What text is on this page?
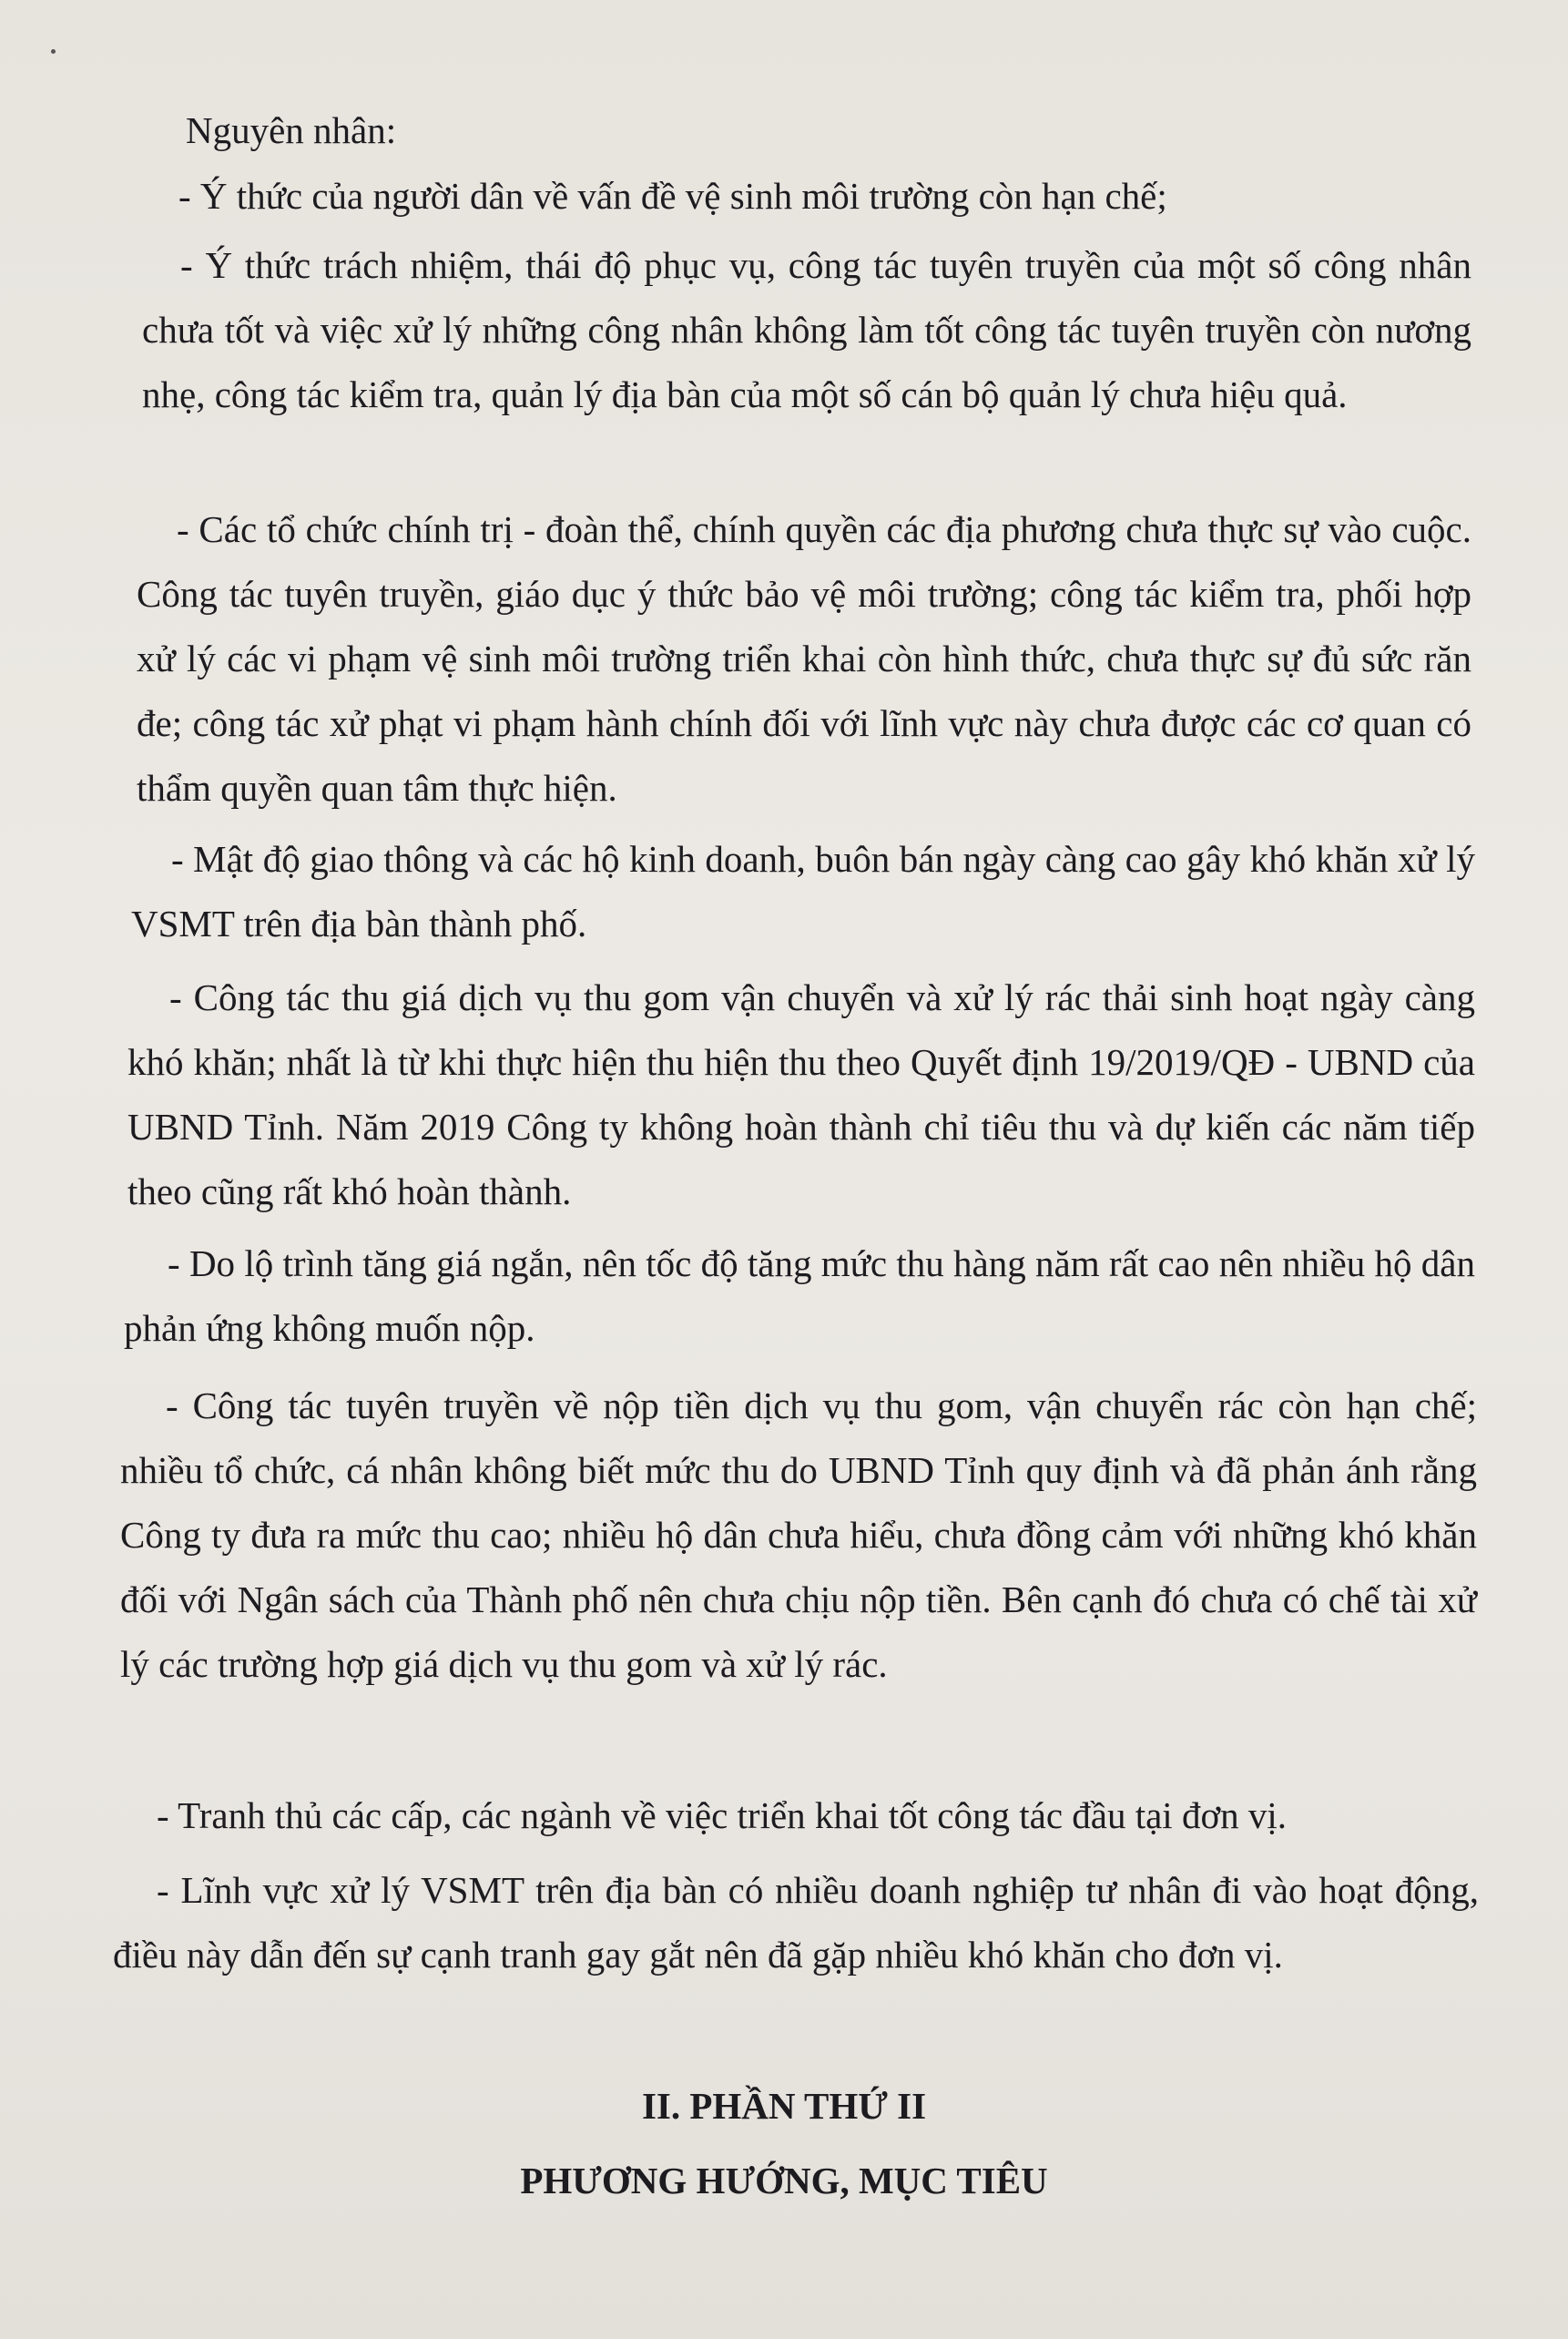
Nguyên nhân:

- Ý thức của người dân về vấn đề vệ sinh môi trường còn hạn chế;

- Ý thức trách nhiệm, thái độ phục vụ, công tác tuyên truyền của một số công nhân chưa tốt và việc xử lý những công nhân không làm tốt công tác tuyên truyền còn nương nhẹ, công tác kiểm tra, quản lý địa bàn của một số cán bộ quản lý chưa hiệu quả.

- Các tổ chức chính trị - đoàn thể, chính quyền các địa phương chưa thực sự vào cuộc. Công tác tuyên truyền, giáo dục ý thức bảo vệ môi trường; công tác kiểm tra, phối hợp xử lý các vi phạm vệ sinh môi trường triển khai còn hình thức, chưa thực sự đủ sức răn đe; công tác xử phạt vi phạm hành chính đối với lĩnh vực này chưa được các cơ quan có thẩm quyền quan tâm thực hiện.

- Mật độ giao thông và các hộ kinh doanh, buôn bán ngày càng cao gây khó khăn xử lý VSMT trên địa bàn thành phố.

- Công tác thu giá dịch vụ thu gom vận chuyển và xử lý rác thải sinh hoạt ngày càng khó khăn; nhất là từ khi thực hiện thu hiện thu theo Quyết định 19/2019/QĐ - UBND của UBND Tỉnh. Năm 2019 Công ty không hoàn thành chỉ tiêu thu và dự kiến các năm tiếp theo cũng rất khó hoàn thành.

- Do lộ trình tăng giá ngắn, nên tốc độ tăng mức thu hàng năm rất cao nên nhiều hộ dân phản ứng không muốn nộp.

- Công tác tuyên truyền về nộp tiền dịch vụ thu gom, vận chuyển rác còn hạn chế; nhiều tổ chức, cá nhân không biết mức thu do UBND Tỉnh quy định và đã phản ánh rằng Công ty đưa ra mức thu cao; nhiều hộ dân chưa hiểu, chưa đồng cảm với những khó khăn đối với Ngân sách của Thành phố nên chưa chịu nộp tiền. Bên cạnh đó chưa có chế tài xử lý các trường hợp giá dịch vụ thu gom và xử lý rác.

- Tranh thủ các cấp, các ngành về việc triển khai tốt công tác đầu tại đơn vị.

- Lĩnh vực xử lý VSMT trên địa bàn có nhiều doanh nghiệp tư nhân đi vào hoạt động, điều này dẫn đến sự cạnh tranh gay gắt nên đã gặp nhiều khó khăn cho đơn vị.

II. PHẦN THỨ II

PHƯƠNG HƯỚNG, MỤC TIÊU
